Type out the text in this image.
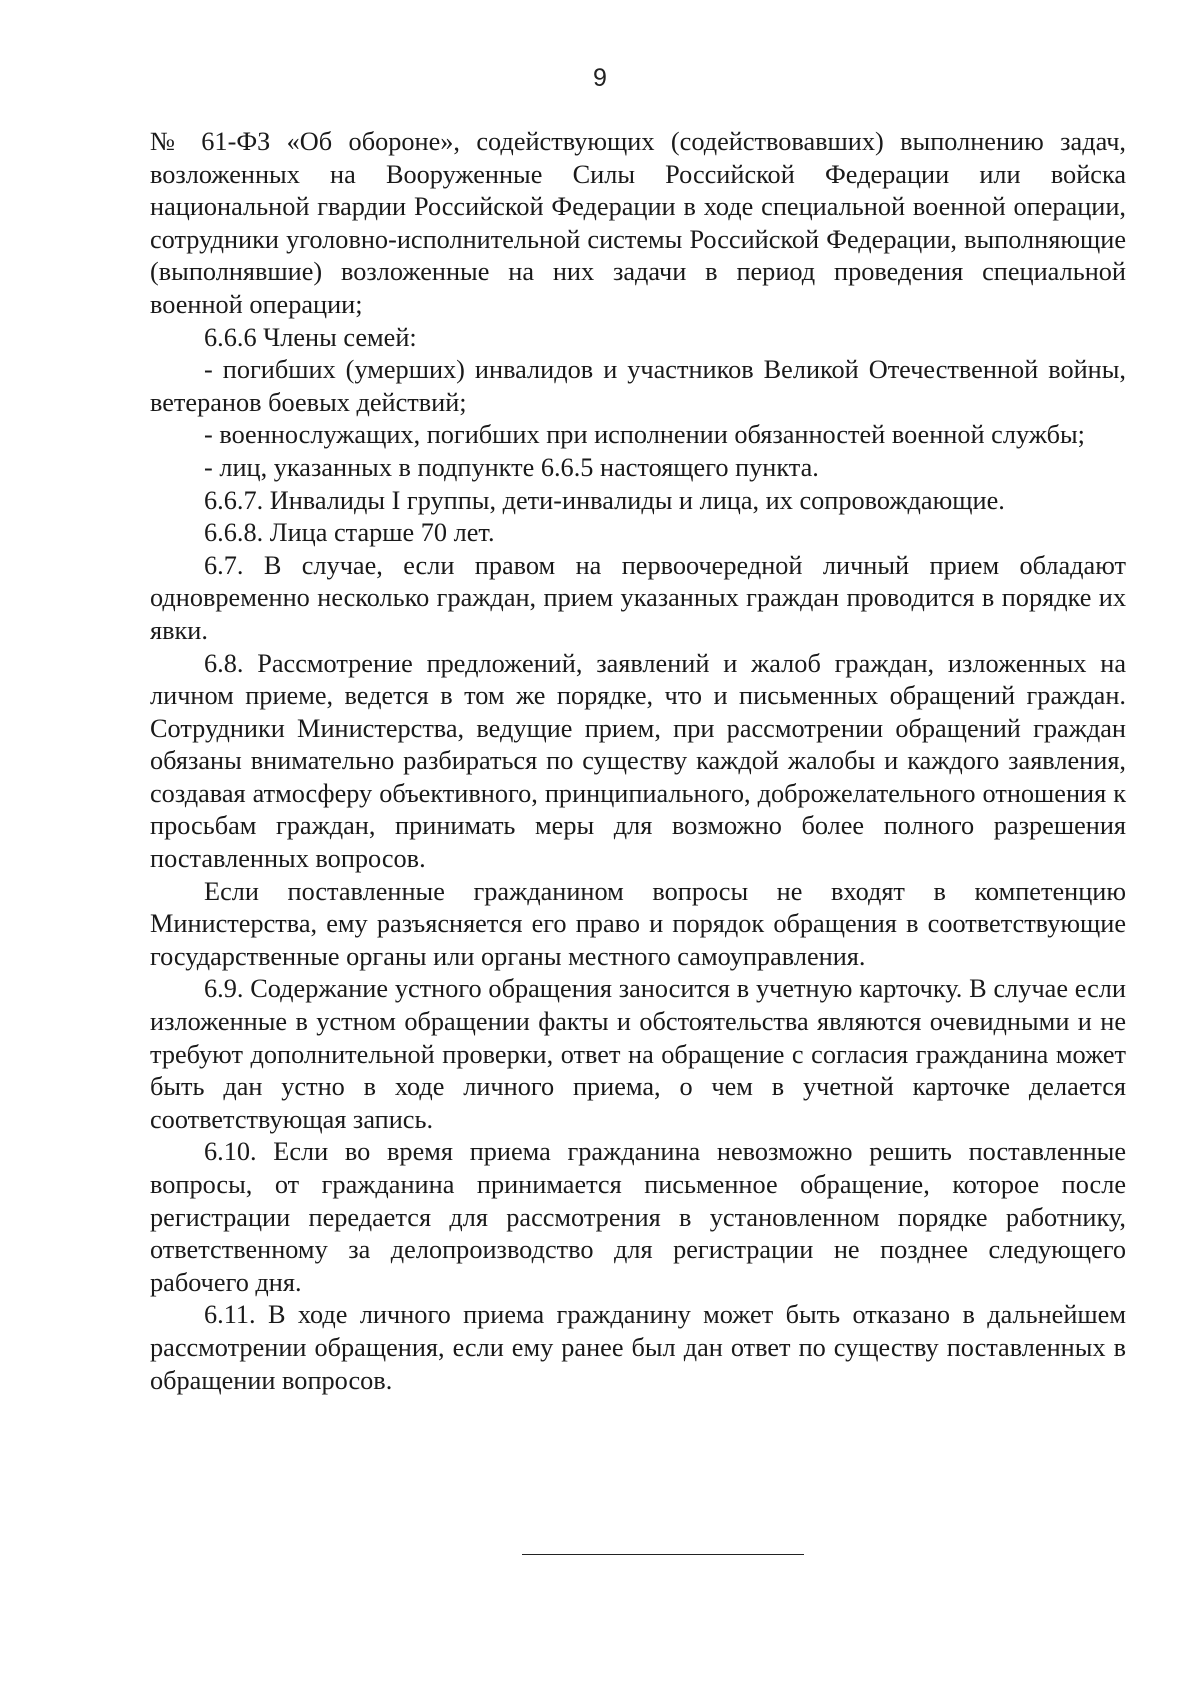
9

№ 61-ФЗ «Об обороне», содействующих (содействовавших) выполнению задач, возложенных на Вооруженные Силы Российской Федерации или войска национальной гвардии Российской Федерации в ходе специальной военной операции, сотрудники уголовно-исполнительной системы Российской Федерации, выполняющие (выполнявшие) возложенные на них задачи в период проведения специальной военной операции;

6.6.6 Члены семей:

- погибших (умерших) инвалидов и участников Великой Отечественной войны, ветеранов боевых действий;

- военнослужащих, погибших при исполнении обязанностей военной службы;

- лиц, указанных в подпункте 6.6.5 настоящего пункта.

6.6.7. Инвалиды I группы, дети-инвалиды и лица, их сопровождающие.

6.6.8. Лица старше 70 лет.

6.7. В случае, если правом на первоочередной личный прием обладают одновременно несколько граждан, прием указанных граждан проводится в порядке их явки.

6.8. Рассмотрение предложений, заявлений и жалоб граждан, изложенных на личном приеме, ведется в том же порядке, что и письменных обращений граждан. Сотрудники Министерства, ведущие прием, при рассмотрении обращений граждан обязаны внимательно разбираться по существу каждой жалобы и каждого заявления, создавая атмосферу объективного, принципиального, доброжелательного отношения к просьбам граждан, принимать меры для возможно более полного разрешения поставленных вопросов.

Если поставленные гражданином вопросы не входят в компетенцию Министерства, ему разъясняется его право и порядок обращения в соответствующие государственные органы или органы местного самоуправления.

6.9. Содержание устного обращения заносится в учетную карточку. В случае если изложенные в устном обращении факты и обстоятельства являются очевидными и не требуют дополнительной проверки, ответ на обращение с согласия гражданина может быть дан устно в ходе личного приема, о чем в учетной карточке делается соответствующая запись.

6.10. Если во время приема гражданина невозможно решить поставленные вопросы, от гражданина принимается письменное обращение, которое после регистрации передается для рассмотрения в установленном порядке работнику, ответственному за делопроизводство для регистрации не позднее следующего рабочего дня.

6.11. В ходе личного приема гражданину может быть отказано в дальнейшем рассмотрении обращения, если ему ранее был дан ответ по существу поставленных в обращении вопросов.
